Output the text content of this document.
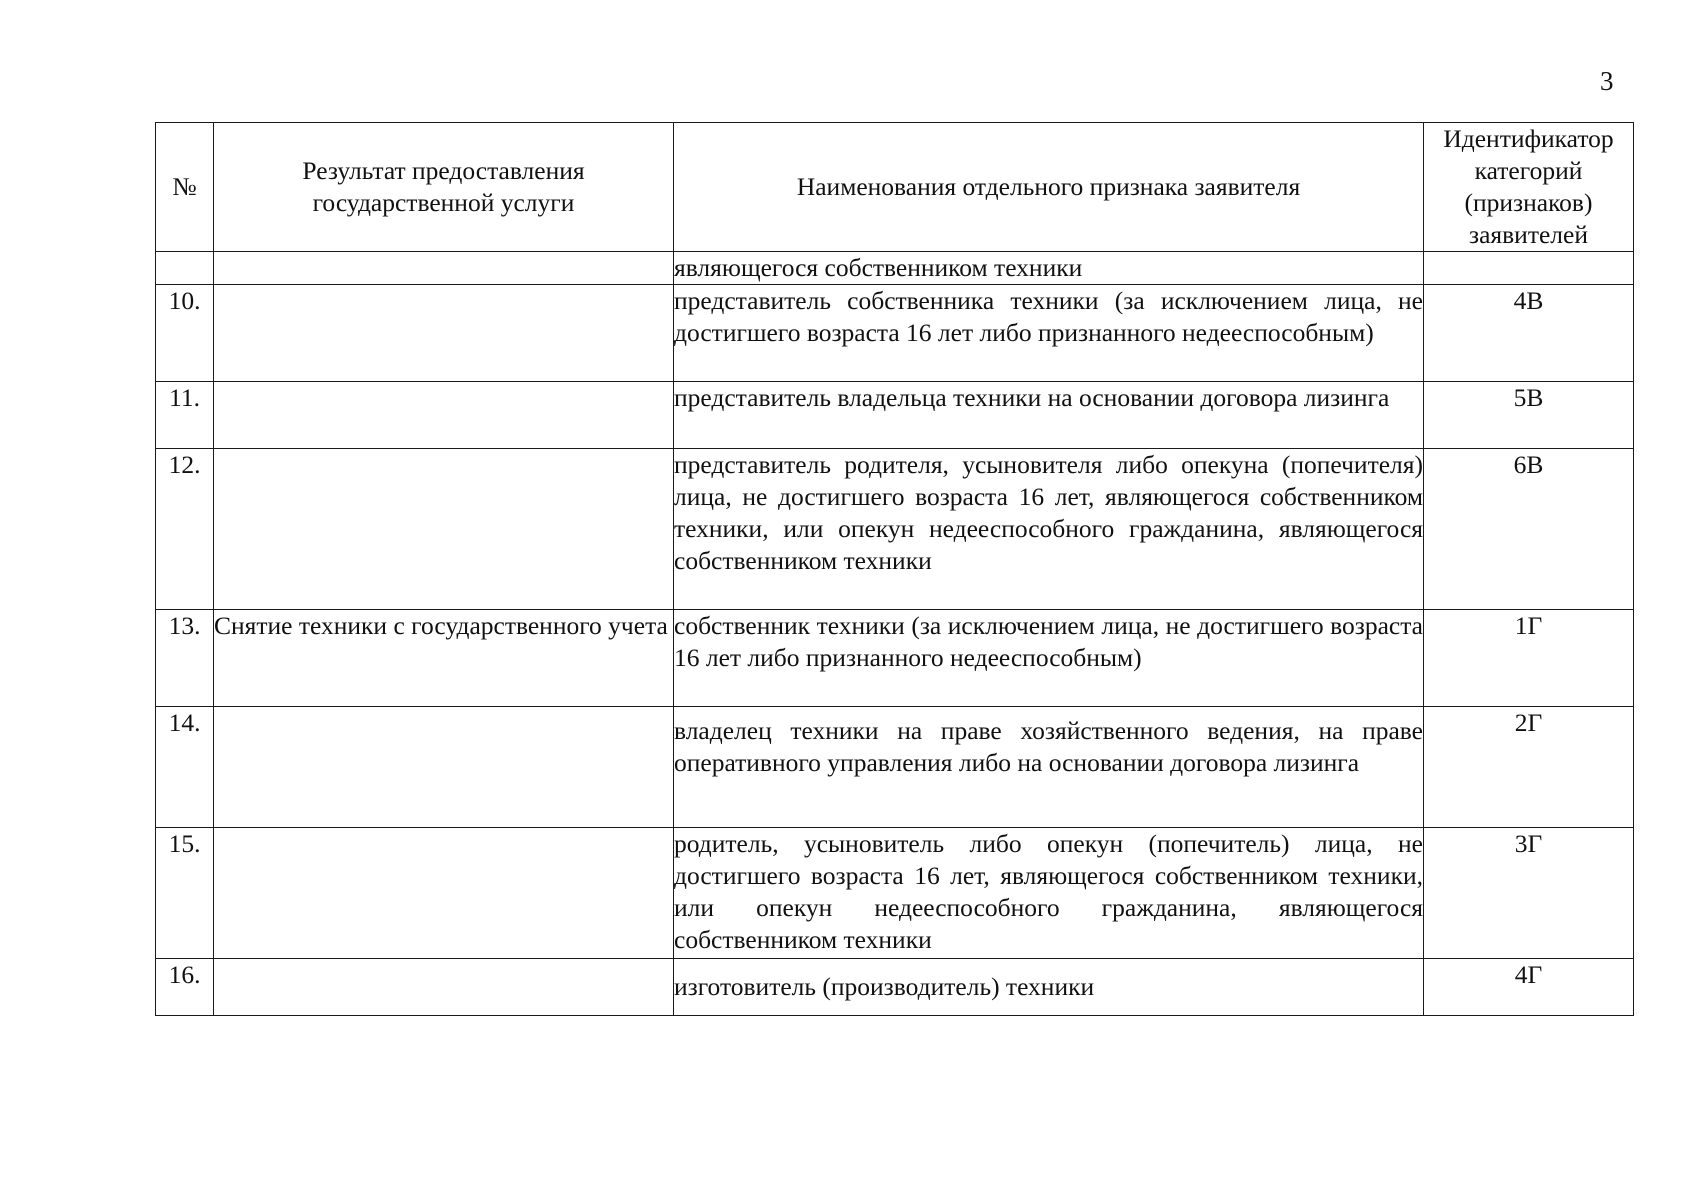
3
№	Результат предоставления государственной услуги	Наименования отдельного признака заявителя	Идентификатор категорий (признаков) заявителей
		являющегося собственником техники	
10.		представитель собственника техники (за исключением лица, не достигшего возраста 16 лет либо признанного недееспособным)	4В
11.		представитель владельца техники на основании договора лизинга	5В
12.		представитель родителя, усыновителя либо опекуна (попечителя) лица, не достигшего возраста 16 лет, являющегося собственником техники, или опекун недееспособного гражданина, являющегося собственником техники	6В
13.	Снятие техники с государственного учета	собственник техники (за исключением лица, не достигшего возраста 16 лет либо признанного недееспособным)	1Г
14.		владелец техники на праве хозяйственного ведения, на праве оперативного управления либо на основании договора лизинга	2Г
15.		родитель, усыновитель либо опекун (попечитель) лица, не достигшего возраста 16 лет, являющегося собственником техники, или опекун недееспособного гражданина, являющегося собственником техники	3Г
16.		изготовитель (производитель) техники	4Г
